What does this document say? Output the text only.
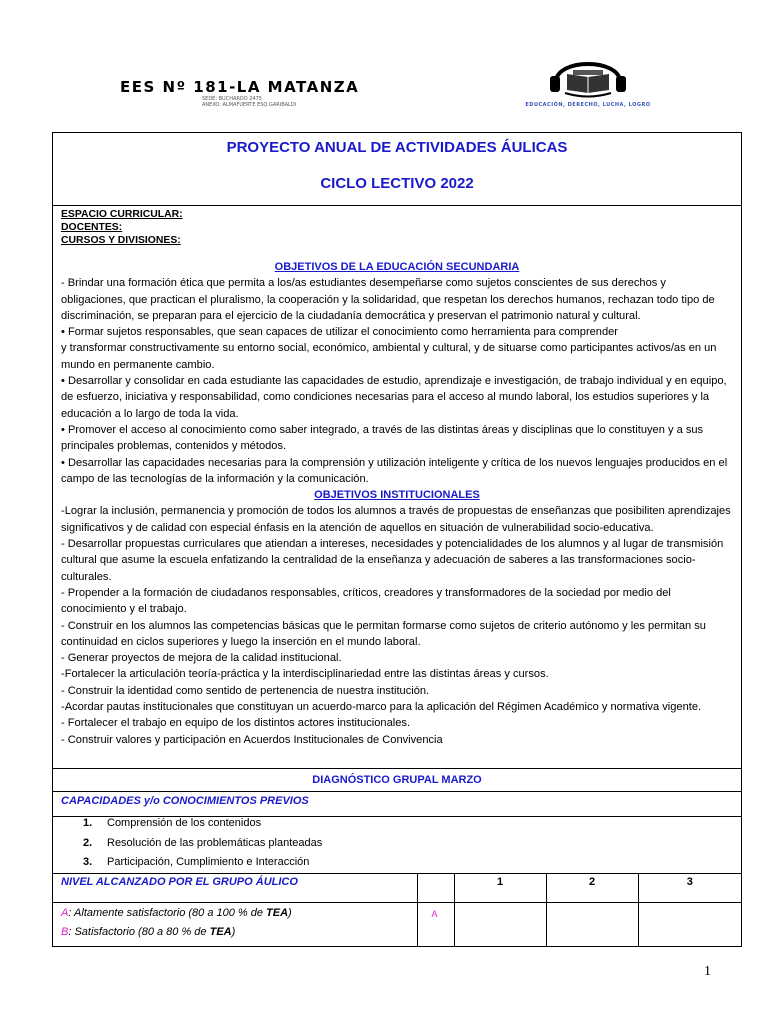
EES Nº 181-LA MATANZA
SEDE: BUCHARDO 2475
ANEXO: ALMAFUERTE ESQ.GARIBALDI	EDUCACIÓN, DERECHO, LUCHA, LOGRO
PROYECTO ANUAL DE ACTIVIDADES ÁULICAS
CICLO LECTIVO 2022
ESPACIO CURRICULAR:
DOCENTES:
CURSOS Y DIVISIONES:
OBJETIVOS DE LA EDUCACIÓN SECUNDARIA

- Brindar una formación ética que permita a los/as estudiantes desempeñarse como sujetos conscientes de sus derechos y obligaciones, que practican el pluralismo, la cooperación y la solidaridad, que respetan los derechos humanos, rechazan todo tipo de discriminación, se preparan para el ejercicio de la ciudadanía democrática y preservan el patrimonio natural y cultural.

• Formar sujetos responsables, que sean capaces de utilizar el conocimiento como herramienta para comprender

y transformar constructivamente su entorno social, económico, ambiental y cultural, y de situarse como participantes activos/as en un mundo en permanente cambio.

• Desarrollar y consolidar en cada estudiante las capacidades de estudio, aprendizaje e investigación, de trabajo individual y en equipo, de esfuerzo, iniciativa y responsabilidad, como condiciones necesarias para el acceso al mundo laboral, los estudios superiores y la educación a lo largo de toda la vida.

• Promover el acceso al conocimiento como saber integrado, a través de las distintas áreas y disciplinas que lo constituyen y a sus principales problemas, contenidos y métodos.

• Desarrollar las capacidades necesarias para la comprensión y utilización inteligente y crítica de los nuevos lenguajes producidos en el campo de las tecnologías de la información y la comunicación.

OBJETIVOS INSTITUCIONALES

-Lograr la inclusión, permanencia y promoción de todos los alumnos a través de propuestas de enseñanzas que posibiliten aprendizajes significativos y de calidad con especial énfasis en la atención de aquellos en situación de vulnerabilidad socio-educativa.

- Desarrollar propuestas curriculares que atiendan a intereses, necesidades y potencialidades de los alumnos y al lugar de transmisión cultural que asume la escuela enfatizando la centralidad de la enseñanza y adecuación de saberes a las transformaciones socio-culturales.

- Propender a la formación de ciudadanos responsables, críticos, creadores y transformadores de la sociedad por medio del conocimiento y el trabajo.

- Construir en los alumnos las competencias básicas que le permitan formarse como sujetos de criterio autónomo y les permitan su continuidad en ciclos superiores y luego la inserción en el mundo laboral.

- Generar proyectos de mejora de la calidad institucional.

-Fortalecer la articulación teoría-práctica y la interdisciplinariedad entre las distintas áreas y cursos.

- Construir la identidad como sentido de pertenencia de nuestra institución.

-Acordar pautas institucionales que constituyan un acuerdo-marco para la aplicación del Régimen Académico y normativa vigente.

- Fortalecer el trabajo en equipo de los distintos actores institucionales.

- Construir valores y participación en Acuerdos Institucionales de Convivencia

DIAGNÓSTICO GRUPAL MARZO
CAPACIDADES y/o CONOCIMIENTOS PREVIOS
1. Comprensión de los contenidos
2. Resolución de las problemáticas planteadas
3. Participación, Cumplimiento e Interacción
NIVEL ALCANZADO POR EL GRUPO ÁULICO		1	2	3

A: Altamente satisfactorio (80 a 100 % de TEA)
B: Satisfactorio (80 a 80 % de TEA)	A			
1
